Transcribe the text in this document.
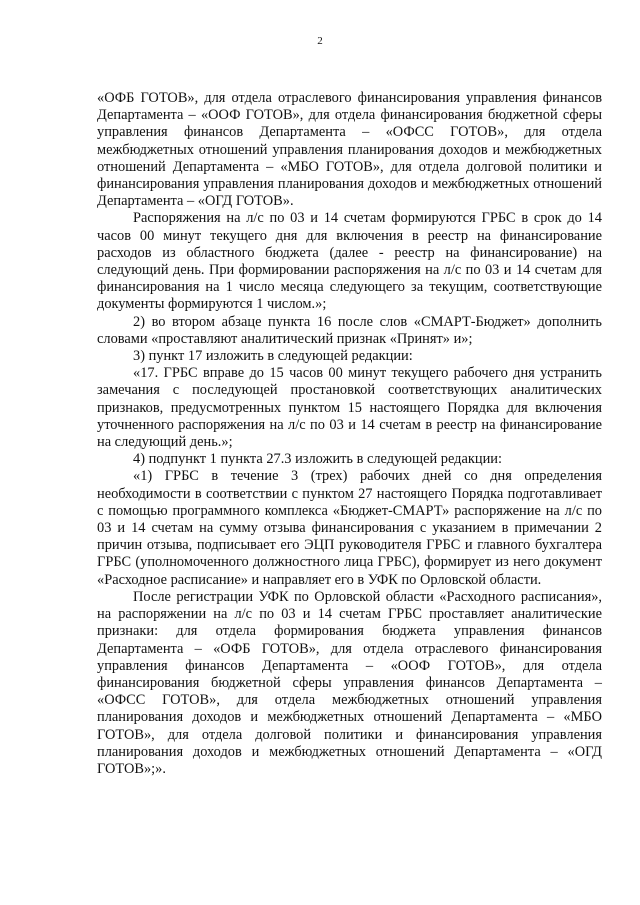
2

«ОФБ ГОТОВ», для отдела отраслевого финансирования управления финансов Департамента – «ООФ ГОТОВ», для отдела финансирования бюджетной сферы управления финансов Департамента – «ОФСС ГОТОВ», для отдела межбюджетных отношений управления планирования доходов и межбюджетных отношений Департамента – «МБО ГОТОВ», для отдела долговой политики и финансирования управления планирования доходов и межбюджетных отношений Департамента – «ОГД ГОТОВ».

Распоряжения на л/с по 03 и 14 счетам формируются ГРБС в срок до 14 часов 00 минут текущего дня для включения в реестр на финансирование расходов из областного бюджета (далее - реестр на финансирование) на следующий день. При формировании распоряжения на л/с по 03 и 14 счетам для финансирования на 1 число месяца следующего за текущим, соответствующие документы формируются 1 числом.»;

2) во втором абзаце пункта 16 после слов «СМАРТ-Бюджет» дополнить словами «проставляют аналитический признак «Принят» и»;

3) пункт 17 изложить в следующей редакции:

«17. ГРБС вправе до 15 часов 00 минут текущего рабочего дня устранить замечания с последующей простановкой соответствующих аналитических признаков, предусмотренных пунктом 15 настоящего Порядка для включения уточненного распоряжения на л/с по 03 и 14 счетам в реестр на финансирование на следующий день.»;

4) подпункт 1 пункта 27.3 изложить в следующей редакции:

«1) ГРБС в течение 3 (трех) рабочих дней со дня определения необходимости в соответствии с пунктом 27 настоящего Порядка подготавливает с помощью программного комплекса «Бюджет-СМАРТ» распоряжение на л/с по 03 и 14 счетам на сумму отзыва финансирования с указанием в примечании 2 причин отзыва, подписывает его ЭЦП руководителя ГРБС и главного бухгалтера ГРБС (уполномоченного должностного лица ГРБС), формирует из него документ «Расходное расписание» и направляет его в УФК по Орловской области.

После регистрации УФК по Орловской области «Расходного расписания», на распоряжении на л/с по 03 и 14 счетам ГРБС проставляет аналитические признаки: для отдела формирования бюджета управления финансов Департамента – «ОФБ ГОТОВ», для отдела отраслевого финансирования управления финансов Департамента – «ООФ ГОТОВ», для отдела финансирования бюджетной сферы управления финансов Департамента – «ОФСС ГОТОВ», для отдела межбюджетных отношений управления планирования доходов и межбюджетных отношений Департамента – «МБО ГОТОВ», для отдела долговой политики и финансирования управления планирования доходов и межбюджетных отношений Департамента – «ОГД ГОТОВ»;».
